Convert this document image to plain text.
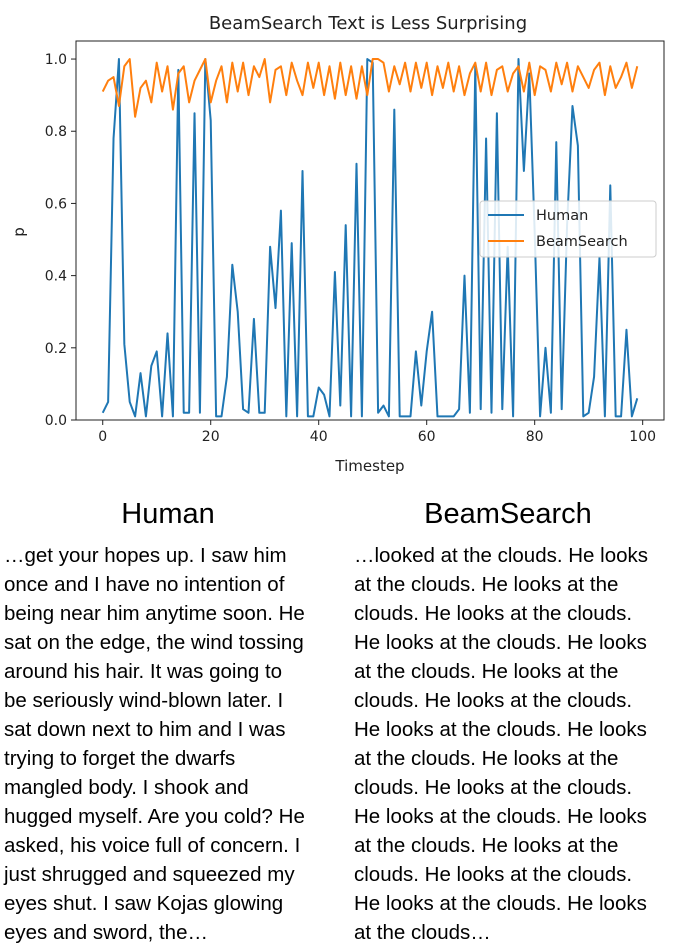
BeamSearch Text is Less Surprising
p
Timestep
0	20	40	60	80	100
0.0
0.2
0.4
0.6
0.8
1.0
Human
BeamSearch
Human	BeamSearch
…get your hopes up. I saw him
once and I have no intention of
being near him anytime soon. He
sat on the edge, the wind tossing
around his hair. It was going to
be seriously wind-blown later. I
sat down next to him and I was
trying to forget the dwarfs
mangled body. I shook and
hugged myself. Are you cold? He
asked, his voice full of concern. I
just shrugged and squeezed my
eyes shut. I saw Kojas glowing
eyes and sword, the…
…looked at the clouds. He looks
at the clouds. He looks at the
clouds. He looks at the clouds.
He looks at the clouds. He looks
at the clouds. He looks at the
clouds. He looks at the clouds.
He looks at the clouds. He looks
at the clouds. He looks at the
clouds. He looks at the clouds.
He looks at the clouds. He looks
at the clouds. He looks at the
clouds. He looks at the clouds.
He looks at the clouds. He looks
at the clouds…
